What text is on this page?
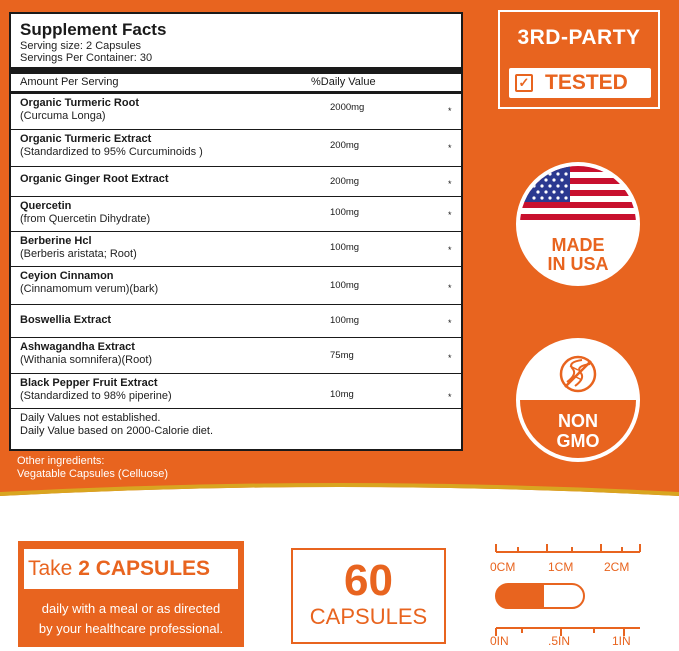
Supplement Facts
Serving size: 2 Capsules
Servings Per Container: 30
Amount Per Serving	%Daily Value
Organic Turmeric Root
(Curcuma Longa)
2000mg	*
Organic Turmeric Extract
(Standardized to 95% Curcuminoids )
200mg	*
Organic Ginger Root Extract	200mg	*
Quercetin
(from Quercetin Dihydrate)
100mg	*
Berberine Hcl
(Berberis aristata; Root)
100mg	*
Ceyion Cinnamon
(Cinnamomum verum)(bark)	100mg	*
Boswellia Extract	100mg	*
Ashwagandha Extract
(Withania somnifera)(Root)	75mg	*
Black Pepper Fruit Extract
(Standardized to 98% piperine)	10mg	*
Daily Values not established.
Daily Value based on 2000-Calorie diet.
Other ingredients:
Vegatable Capsules (Celluose)
3RD-PARTY
✓ TESTED
MADE
IN USA
NON
GMO
Take 2 CAPSULES
daily with a meal or as directed
by your healthcare professional.
60
CAPSULES
0CM	1CM	2CM
0IN	.5IN	1IN
